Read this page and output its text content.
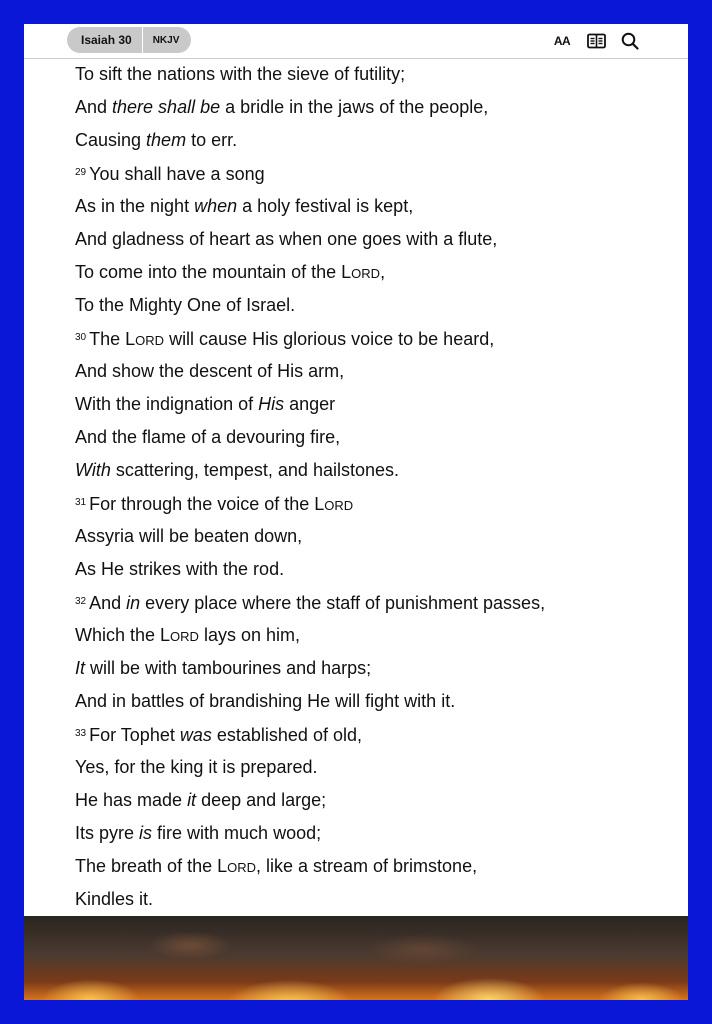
Isaiah 30	NKJV	AA
To sift the nations with the sieve of futility;
And there shall be a bridle in the jaws of the people,
Causing them to err.
$^{29}$ You shall have a song
As in the night when a holy festival is kept,
And gladness of heart as when one goes with a flute,
To come into the mountain of the Lord,
To the Mighty One of Israel.
$^{30}$ The Lord will cause His glorious voice to be heard,
And show the descent of His arm,
With the indignation of His anger
And the flame of a devouring fire,
With scattering, tempest, and hailstones.
$^{31}$ For through the voice of the Lord
Assyria will be beaten down,
As He strikes with the rod.
$^{32}$ And in every place where the staff of punishment passes,
Which the Lord lays on him,
It will be with tambourines and harps;
And in battles of brandishing He will fight with it.
$^{33}$ For Tophet was established of old,
Yes, for the king it is prepared.
He has made it deep and large;
Its pyre is fire with much wood;
The breath of the Lord, like a stream of brimstone,
Kindles it.
